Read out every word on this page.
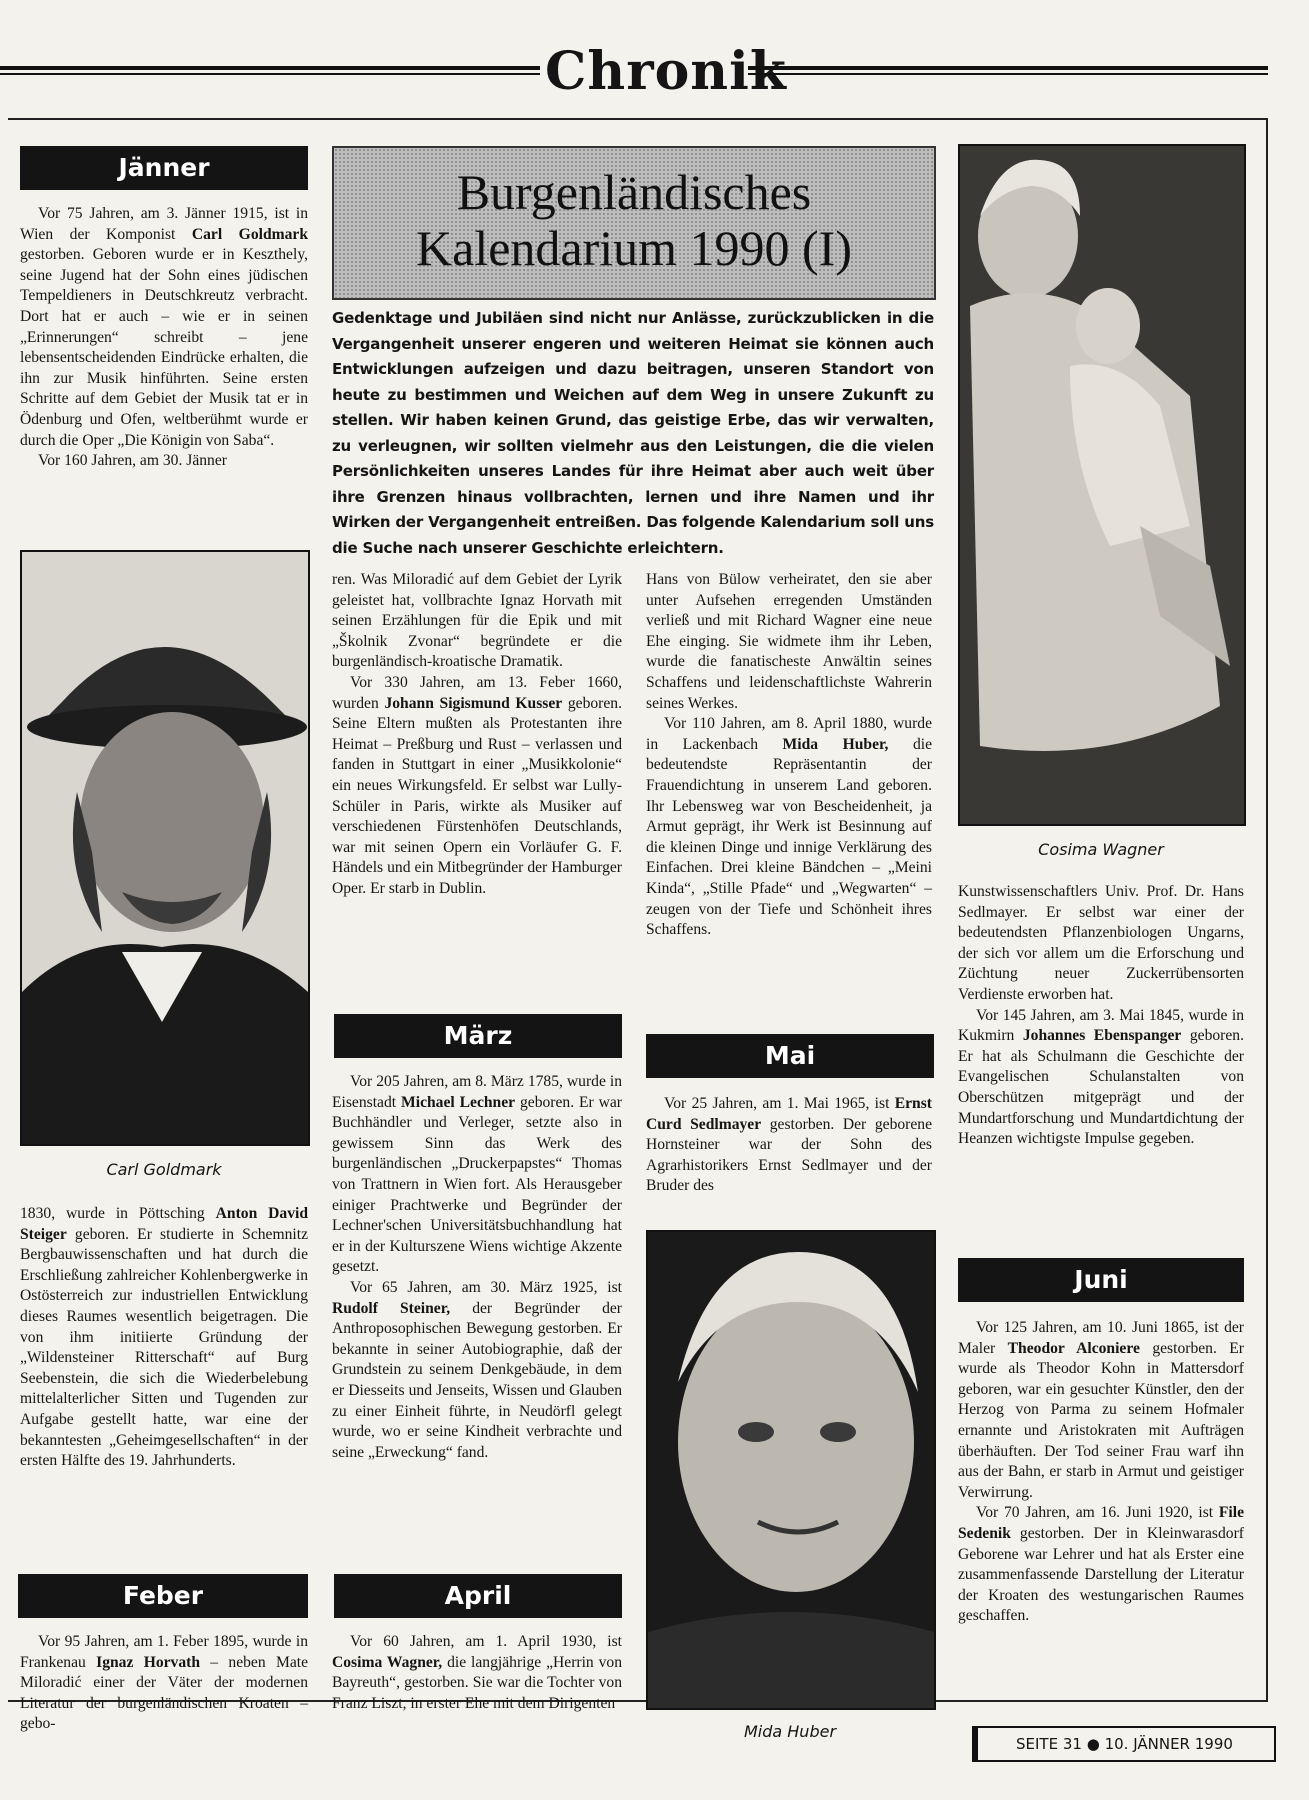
Chronik
Burgenländisches
Kalendarium 1990 (I)
Gedenktage und Jubiläen sind nicht nur Anlässe, zurückzublicken in die Vergangenheit unserer engeren und weiteren Heimat sie können auch Entwicklungen aufzeigen und dazu beitragen, unseren Standort von heute zu bestimmen und Weichen auf dem Weg in unsere Zukunft zu stellen. Wir haben keinen Grund, das geistige Erbe, das wir verwalten, zu verleugnen, wir sollten vielmehr aus den Leistungen, die die vielen Persönlichkeiten unseres Landes für ihre Heimat aber auch weit über ihre Grenzen hinaus vollbrachten, lernen und ihre Namen und ihr Wirken der Vergangenheit entreißen. Das folgende Kalendarium soll uns die Suche nach unserer Geschichte erleichtern.
Jänner

Vor 75 Jahren, am 3. Jänner 1915, ist in Wien der Komponist Carl Goldmark gestorben. Geboren wurde er in Keszthely, seine Jugend hat der Sohn eines jüdischen Tempeldieners in Deutschkreutz verbracht. Dort hat er auch – wie er in seinen „Erinnerungen“ schreibt – jene lebensentscheidenden Eindrücke erhalten, die ihn zur Musik hinführten. Seine ersten Schritte auf dem Gebiet der Musik tat er in Ödenburg und Ofen, weltberühmt wurde er durch die Oper „Die Königin von Saba“.

Vor 160 Jahren, am 30. Jänner

Carl Goldmark

1830, wurde in Pöttsching Anton David Steiger geboren. Er studierte in Schemnitz Bergbauwissenschaften und hat durch die Erschließung zahlreicher Kohlenbergwerke in Ostösterreich zur industriellen Entwicklung dieses Raumes wesentlich beigetragen. Die von ihm initiierte Gründung der „Wildensteiner Ritterschaft“ auf Burg Seebenstein, die sich die Wiederbelebung mittelalterlicher Sitten und Tugenden zur Aufgabe gestellt hatte, war eine der bekanntesten „Geheimgesellschaften“ in der ersten Hälfte des 19. Jahrhunderts.

Feber

Vor 95 Jahren, am 1. Feber 1895, wurde in Frankenau Ignaz Horvath – neben Mate Miloradić einer der Väter der modernen Literatur der burgenländischen Kroaten – gebo-

ren. Was Miloradić auf dem Gebiet der Lyrik geleistet hat, vollbrachte Ignaz Horvath mit seinen Erzählungen für die Epik und mit „Školnik Zvonar“ begründete er die burgenländisch-kroatische Dramatik.

Vor 330 Jahren, am 13. Feber 1660, wurden Johann Sigismund Kusser geboren. Seine Eltern mußten als Protestanten ihre Heimat – Preßburg und Rust – verlassen und fanden in Stuttgart in einer „Musikkolonie“ ein neues Wirkungsfeld. Er selbst war Lully-Schüler in Paris, wirkte als Musiker auf verschiedenen Fürstenhöfen Deutschlands, war mit seinen Opern ein Vorläufer G. F. Händels und ein Mitbegründer der Hamburger Oper. Er starb in Dublin.

März

Vor 205 Jahren, am 8. März 1785, wurde in Eisenstadt Michael Lechner geboren. Er war Buchhändler und Verleger, setzte also in gewissem Sinn das Werk des burgenländischen „Druckerpapstes“ Thomas von Trattnern in Wien fort. Als Herausgeber einiger Prachtwerke und Begründer der Lechner'schen Universitätsbuchhandlung hat er in der Kulturszene Wiens wichtige Akzente gesetzt.

Vor 65 Jahren, am 30. März 1925, ist Rudolf Steiner, der Begründer der Anthroposophischen Bewegung gestorben. Er bekannte in seiner Autobiographie, daß der Grundstein zu seinem Denkgebäude, in dem er Diesseits und Jenseits, Wissen und Glauben zu einer Einheit führte, in Neudörfl gelegt wurde, wo er seine Kindheit verbrachte und seine „Erweckung“ fand.

April

Vor 60 Jahren, am 1. April 1930, ist Cosima Wagner, die langjährige „Herrin von Bayreuth“, gestorben. Sie war die Tochter von Franz Liszt, in erster Ehe mit dem Dirigenten

Hans von Bülow verheiratet, den sie aber unter Aufsehen erregenden Umständen verließ und mit Richard Wagner eine neue Ehe einging. Sie widmete ihm ihr Leben, wurde die fanatischeste Anwältin seines Schaffens und leidenschaftlichste Wahrerin seines Werkes.

Vor 110 Jahren, am 8. April 1880, wurde in Lackenbach Mida Huber, die bedeutendste Repräsentantin der Frauendichtung in unserem Land geboren. Ihr Lebensweg war von Bescheidenheit, ja Armut geprägt, ihr Werk ist Besinnung auf die kleinen Dinge und innige Verklärung des Einfachen. Drei kleine Bändchen – „Meini Kinda“, „Stille Pfade“ und „Wegwarten“ – zeugen von der Tiefe und Schönheit ihres Schaffens.

Mai

Vor 25 Jahren, am 1. Mai 1965, ist Ernst Curd Sedlmayer gestorben. Der geborene Hornsteiner war der Sohn des Agrarhistorikers Ernst Sedlmayer und der Bruder des

Mida Huber
Cosima Wagner

Kunstwissenschaftlers Univ. Prof. Dr. Hans Sedlmayer. Er selbst war einer der bedeutendsten Pflanzenbiologen Ungarns, der sich vor allem um die Erforschung und Züchtung neuer Zuckerrübensorten Verdienste erworben hat.

Vor 145 Jahren, am 3. Mai 1845, wurde in Kukmirn Johannes Ebenspanger geboren. Er hat als Schulmann die Geschichte der Evangelischen Schulanstalten von Oberschützen mitgeprägt und der Mundartforschung und Mundartdichtung der Heanzen wichtigste Impulse gegeben.

Juni

Vor 125 Jahren, am 10. Juni 1865, ist der Maler Theodor Alconiere gestorben. Er wurde als Theodor Kohn in Mattersdorf geboren, war ein gesuchter Künstler, den der Herzog von Parma zu seinem Hofmaler ernannte und Aristokraten mit Aufträgen überhäuften. Der Tod seiner Frau warf ihn aus der Bahn, er starb in Armut und geistiger Verwirrung.

Vor 70 Jahren, am 16. Juni 1920, ist File Sedenik gestorben. Der in Kleinwarasdorf Geborene war Lehrer und hat als Erster eine zusammenfassende Darstellung der Literatur der Kroaten des westungarischen Raumes geschaffen.

SEITE 31 ● 10. JÄNNER 1990
